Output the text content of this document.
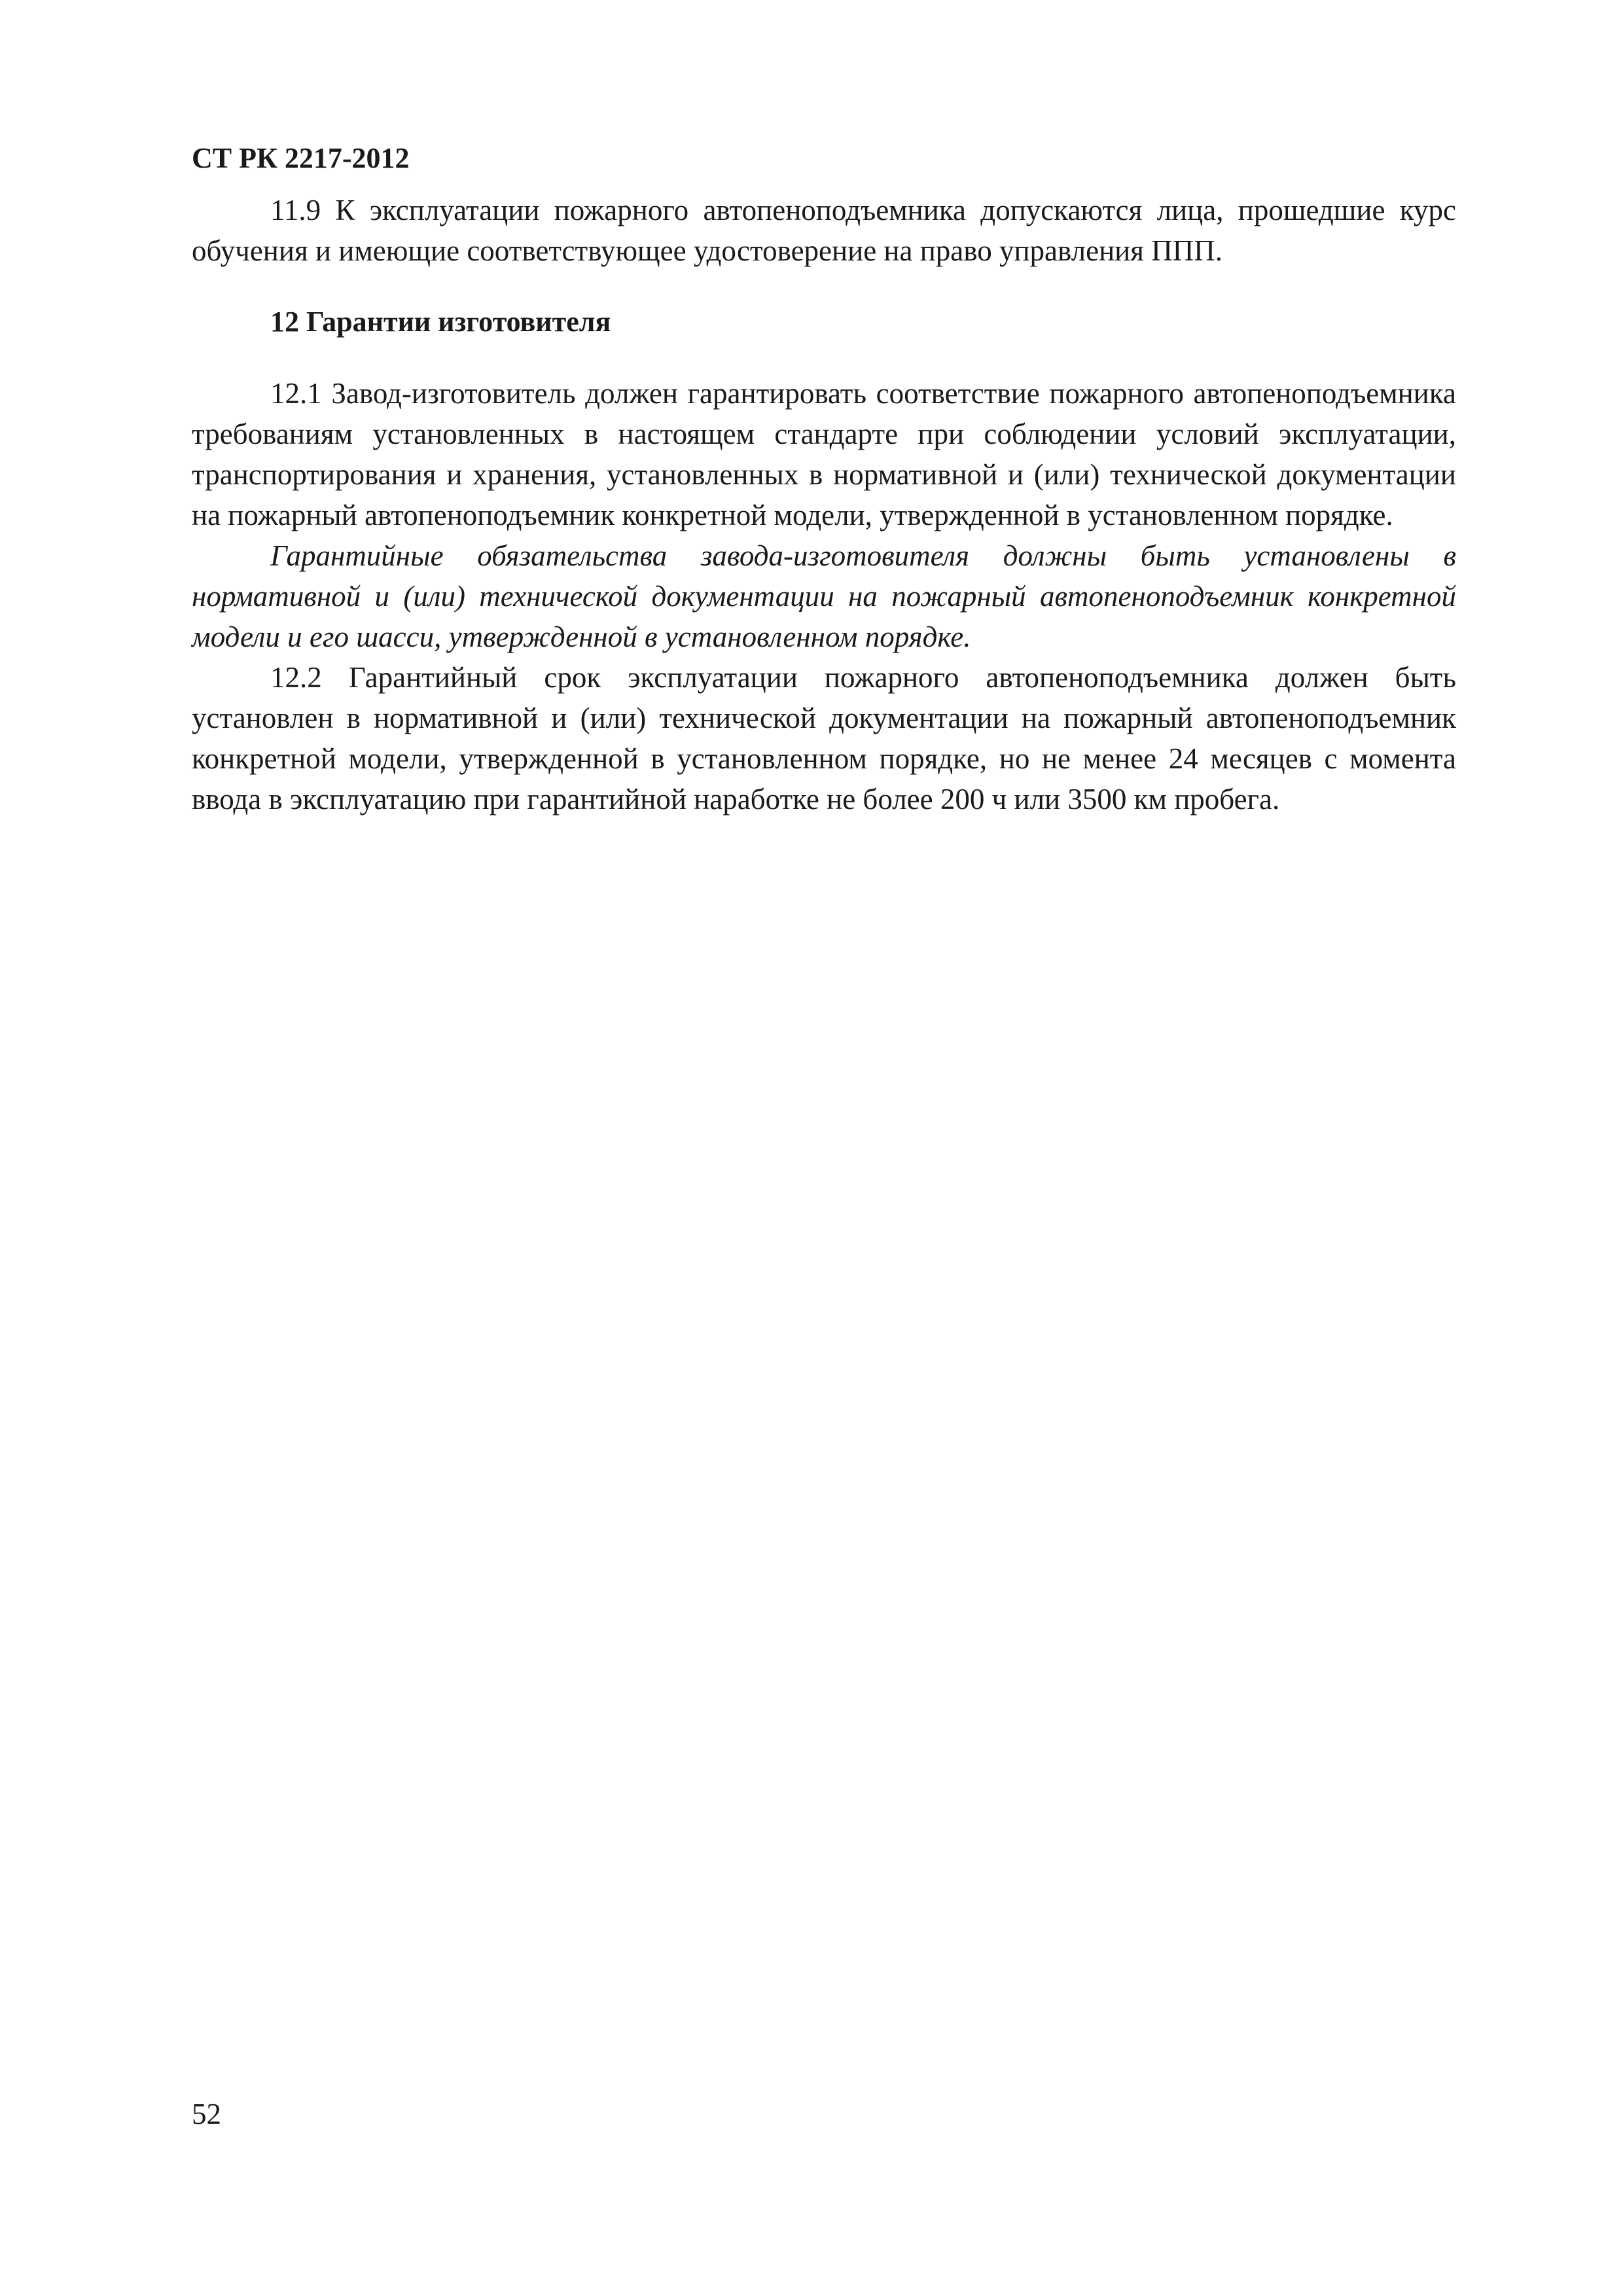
СТ РК 2217-2012

11.9 К эксплуатации пожарного автопеноподъемника допускаются лица, прошедшие курс обучения и имеющие соответствующее удостоверение на право управления ППП.

12 Гарантии изготовителя

12.1 Завод-изготовитель должен гарантировать соответствие пожарного автопеноподъемника требованиям установленных в настоящем стандарте при соблюдении условий эксплуатации, транспортирования и хранения, установленных в нормативной и (или) технической документации на пожарный автопеноподъемник конкретной модели, утвержденной в установленном порядке.

Гарантийные обязательства завода-изготовителя должны быть установлены в нормативной и (или) технической документации на пожарный автопеноподъемник конкретной модели и его шасси, утвержденной в установленном порядке.

12.2 Гарантийный срок эксплуатации пожарного автопеноподъемника должен быть установлен в нормативной и (или) технической документации на пожарный автопеноподъемник конкретной модели, утвержденной в установленном порядке, но не менее 24 месяцев с момента ввода в эксплуатацию при гарантийной наработке не более 200 ч или 3500 км пробега.

52
